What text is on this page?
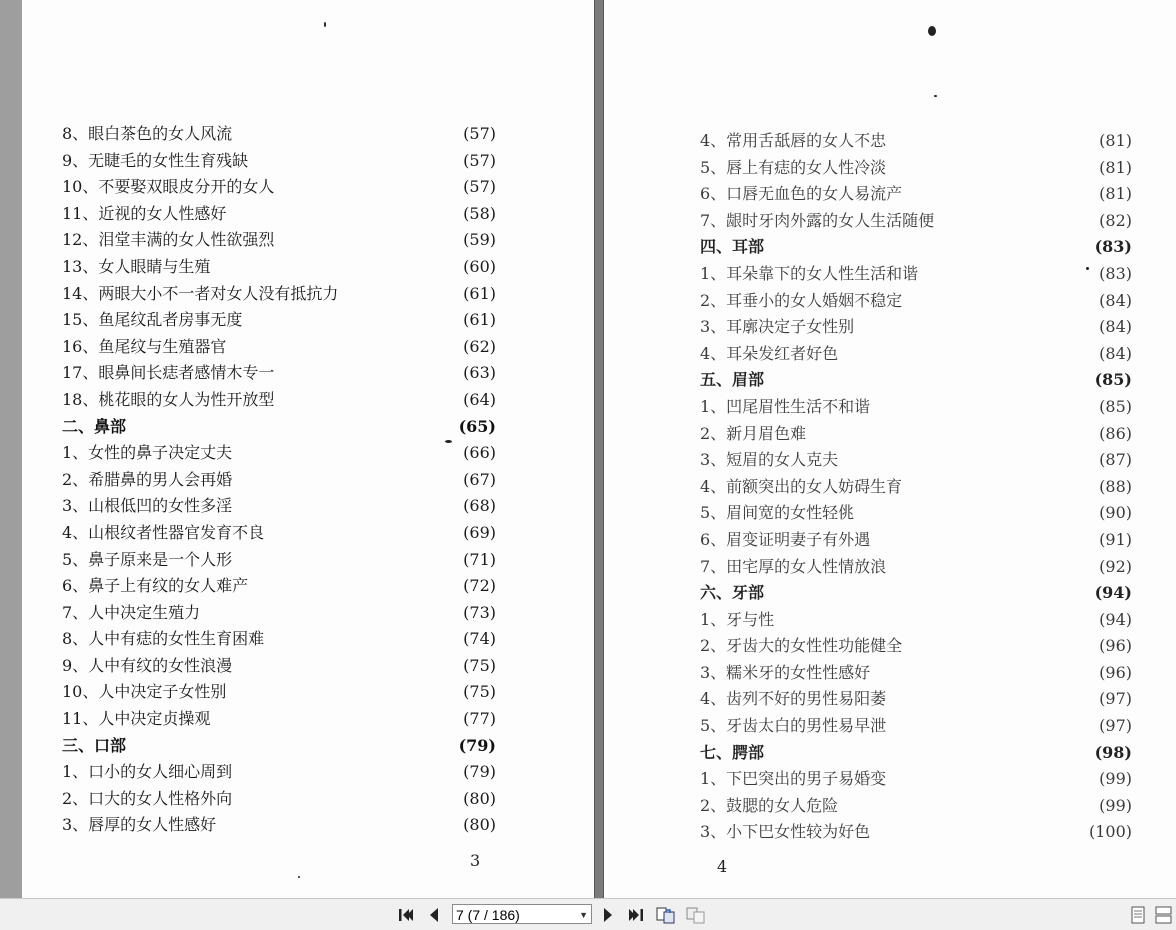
8、眼白茶色的女人风流	(57)
9、无睫毛的女性生育残缺	(57)
10、不要娶双眼皮分开的女人	(57)
11、近视的女人性感好	(58)
12、泪堂丰满的女人性欲强烈	(59)
13、女人眼睛与生殖	(60)
14、两眼大小不一者对女人没有抵抗力	(61)
15、鱼尾纹乱者房事无度	(61)
16、鱼尾纹与生殖器官	(62)
17、眼鼻间长痣者感情木专一	(63)
18、桃花眼的女人为性开放型	(64)
二、鼻部	(65)
1、女性的鼻子决定丈夫	(66)
2、希腊鼻的男人会再婚	(67)
3、山根低凹的女性多淫	(68)
4、山根纹者性器官发育不良	(69)
5、鼻子原来是一个人形	(71)
6、鼻子上有纹的女人难产	(72)
7、人中决定生殖力	(73)
8、人中有痣的女性生育困难	(74)
9、人中有纹的女性浪漫	(75)
10、人中决定子女性别	(75)
11、人中决定贞操观	(77)
三、口部	(79)
1、口小的女人细心周到	(79)
2、口大的女人性格外向	(80)
3、唇厚的女人性感好	(80)
3
4、常用舌舐唇的女人不忠	(81)
5、唇上有痣的女人性冷淡	(81)
6、口唇无血色的女人易流产	(81)
7、龈时牙肉外露的女人生活随便	(82)
四、耳部	(83)
1、耳朵靠下的女人性生活和谐	(83)
2、耳垂小的女人婚姻不稳定	(84)
3、耳廓决定子女性别	(84)
4、耳朵发红者好色	(84)
五、眉部	(85)
1、凹尾眉性生活不和谐	(85)
2、新月眉色难	(86)
3、短眉的女人克夫	(87)
4、前额突出的女人妨碍生育	(88)
5、眉间宽的女性轻佻	(90)
6、眉变证明妻子有外遇	(91)
7、田宅厚的女人性情放浪	(92)
六、牙部	(94)
1、牙与性	(94)
2、牙齿大的女性性功能健全	(96)
3、糯米牙的女性性感好	(96)
4、齿列不好的男性易阳萎	(97)
5、牙齿太白的男性易早泄	(97)
七、腭部	(98)
1、下巴突出的男子易婚变	(99)
2、鼓腮的女人危险	(99)
3、小下巴女性较为好色	(100)
4
7 (7 / 186)	▼
